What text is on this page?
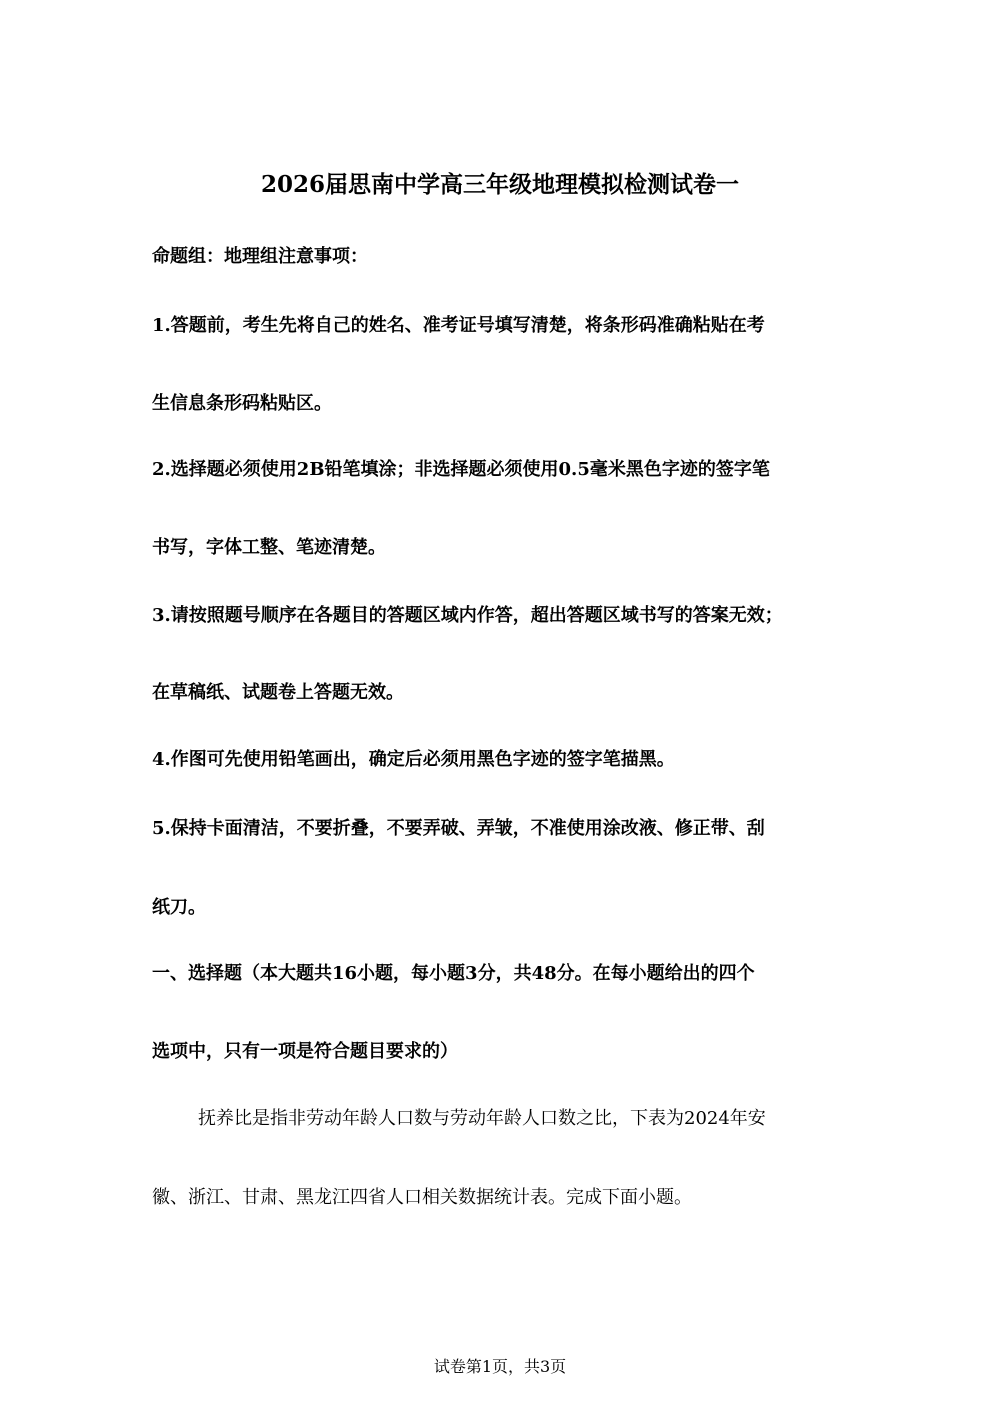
2026届思南中学高三年级地理模拟检测试卷一
命题组：地理组注意事项：
1.答题前，考生先将自己的姓名、准考证号填写清楚，将条形码准确粘贴在考
生信息条形码粘贴区。
2.选择题必须使用2B铅笔填涂；非选择题必须使用0.5毫米黑色字迹的签字笔
书写，字体工整、笔迹清楚。
3.请按照题号顺序在各题目的答题区域内作答，超出答题区域书写的答案无效；
在草稿纸、试题卷上答题无效。
4.作图可先使用铅笔画出，确定后必须用黑色字迹的签字笔描黑。
5.保持卡面清洁，不要折叠，不要弄破、弄皱，不准使用涂改液、修正带、刮
纸刀。
一、选择题（本大题共16小题，每小题3分，共48分。在每小题给出的四个
选项中，只有一项是符合题目要求的）
抚养比是指非劳动年龄人口数与劳动年龄人口数之比，下表为2024年安
徽、浙江、甘肃、黑龙江四省人口相关数据统计表。完成下面小题。
试卷第1页，共3页
